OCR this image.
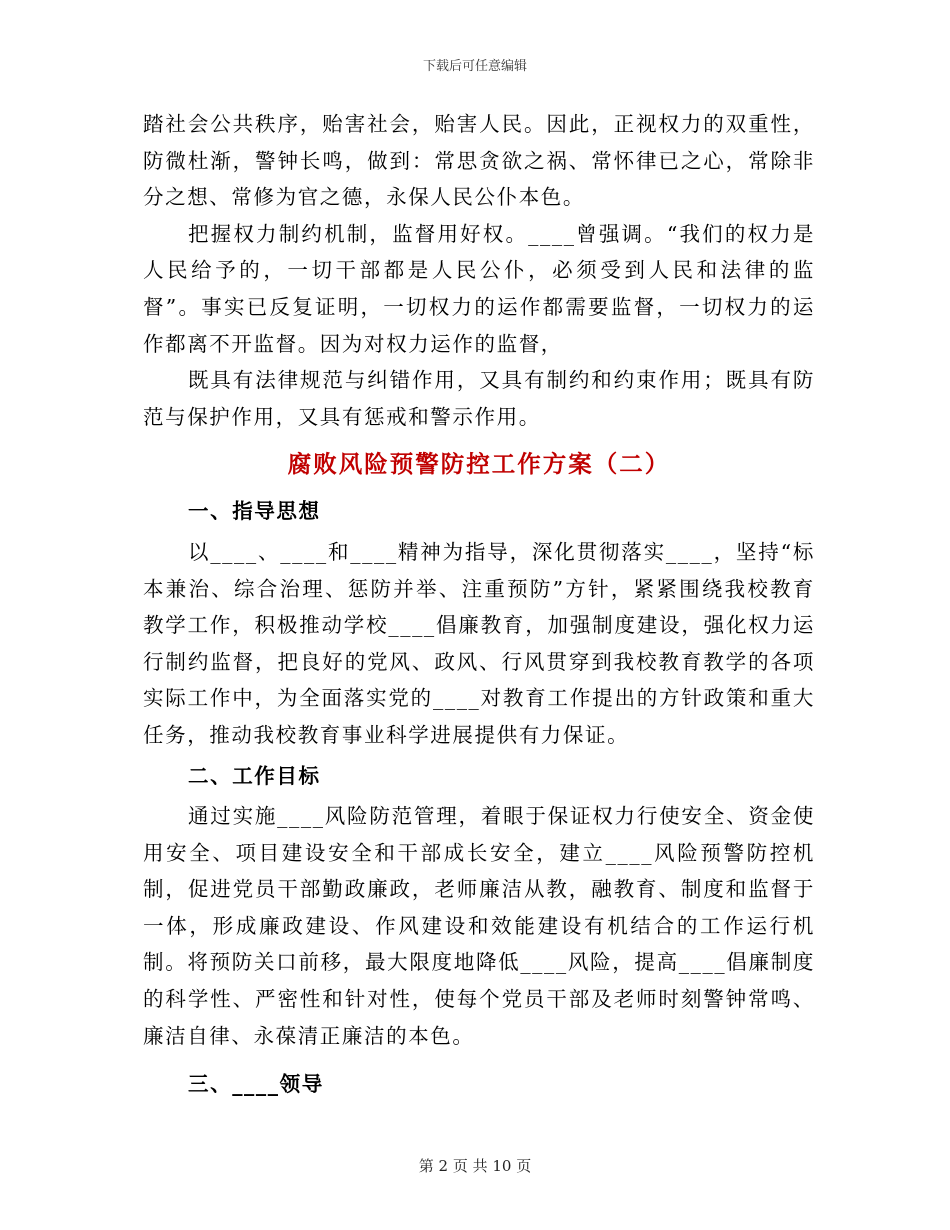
下载后可任意编辑

踏社会公共秩序，贻害社会，贻害人民。因此，正视权力的双重性，防微杜渐，警钟长鸣，做到：常思贪欲之祸、常怀律已之心，常除非分之想、常修为官之德，永保人民公仆本色。

把握权力制约机制，监督用好权。____曾强调。“我们的权力是人民给予的，一切干部都是人民公仆，必须受到人民和法律的监督”。事实已反复证明，一切权力的运作都需要监督，一切权力的运作都离不开监督。因为对权力运作的监督，

既具有法律规范与纠错作用，又具有制约和约束作用；既具有防范与保护作用，又具有惩戒和警示作用。

腐败风险预警防控工作方案（二）
一、指导思想

以____、____和____精神为指导，深化贯彻落实____，坚持“标本兼治、综合治理、惩防并举、注重预防”方针，紧紧围绕我校教育教学工作，积极推动学校____倡廉教育，加强制度建设，强化权力运行制约监督，把良好的党风、政风、行风贯穿到我校教育教学的各项实际工作中，为全面落实党的____对教育工作提出的方针政策和重大任务，推动我校教育事业科学进展提供有力保证。

二、工作目标

通过实施____风险防范管理，着眼于保证权力行使安全、资金使用安全、项目建设安全和干部成长安全，建立____风险预警防控机制，促进党员干部勤政廉政，老师廉洁从教，融教育、制度和监督于一体，形成廉政建设、作风建设和效能建设有机结合的工作运行机制。将预防关口前移，最大限度地降低____风险，提高____倡廉制度的科学性、严密性和针对性，使每个党员干部及老师时刻警钟常鸣、廉洁自律、永葆清正廉洁的本色。

三、____领导
第 2 页 共 10 页
